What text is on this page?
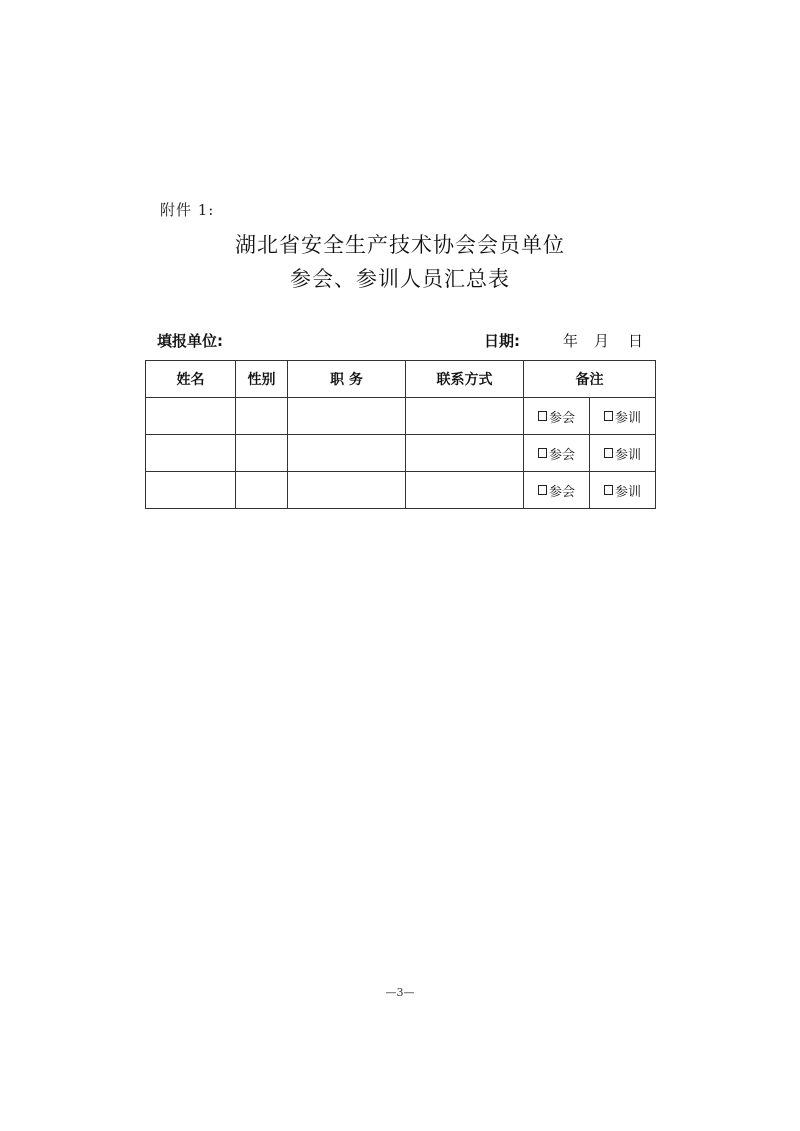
附件 1:
湖北省安全生产技术协会会员单位
参会、参训人员汇总表
填报单位:	日期:	年 月 日
姓名	性别	职 务	联系方式	备注	

				参会	参训

				参会	参训

				参会	参训
—3—
